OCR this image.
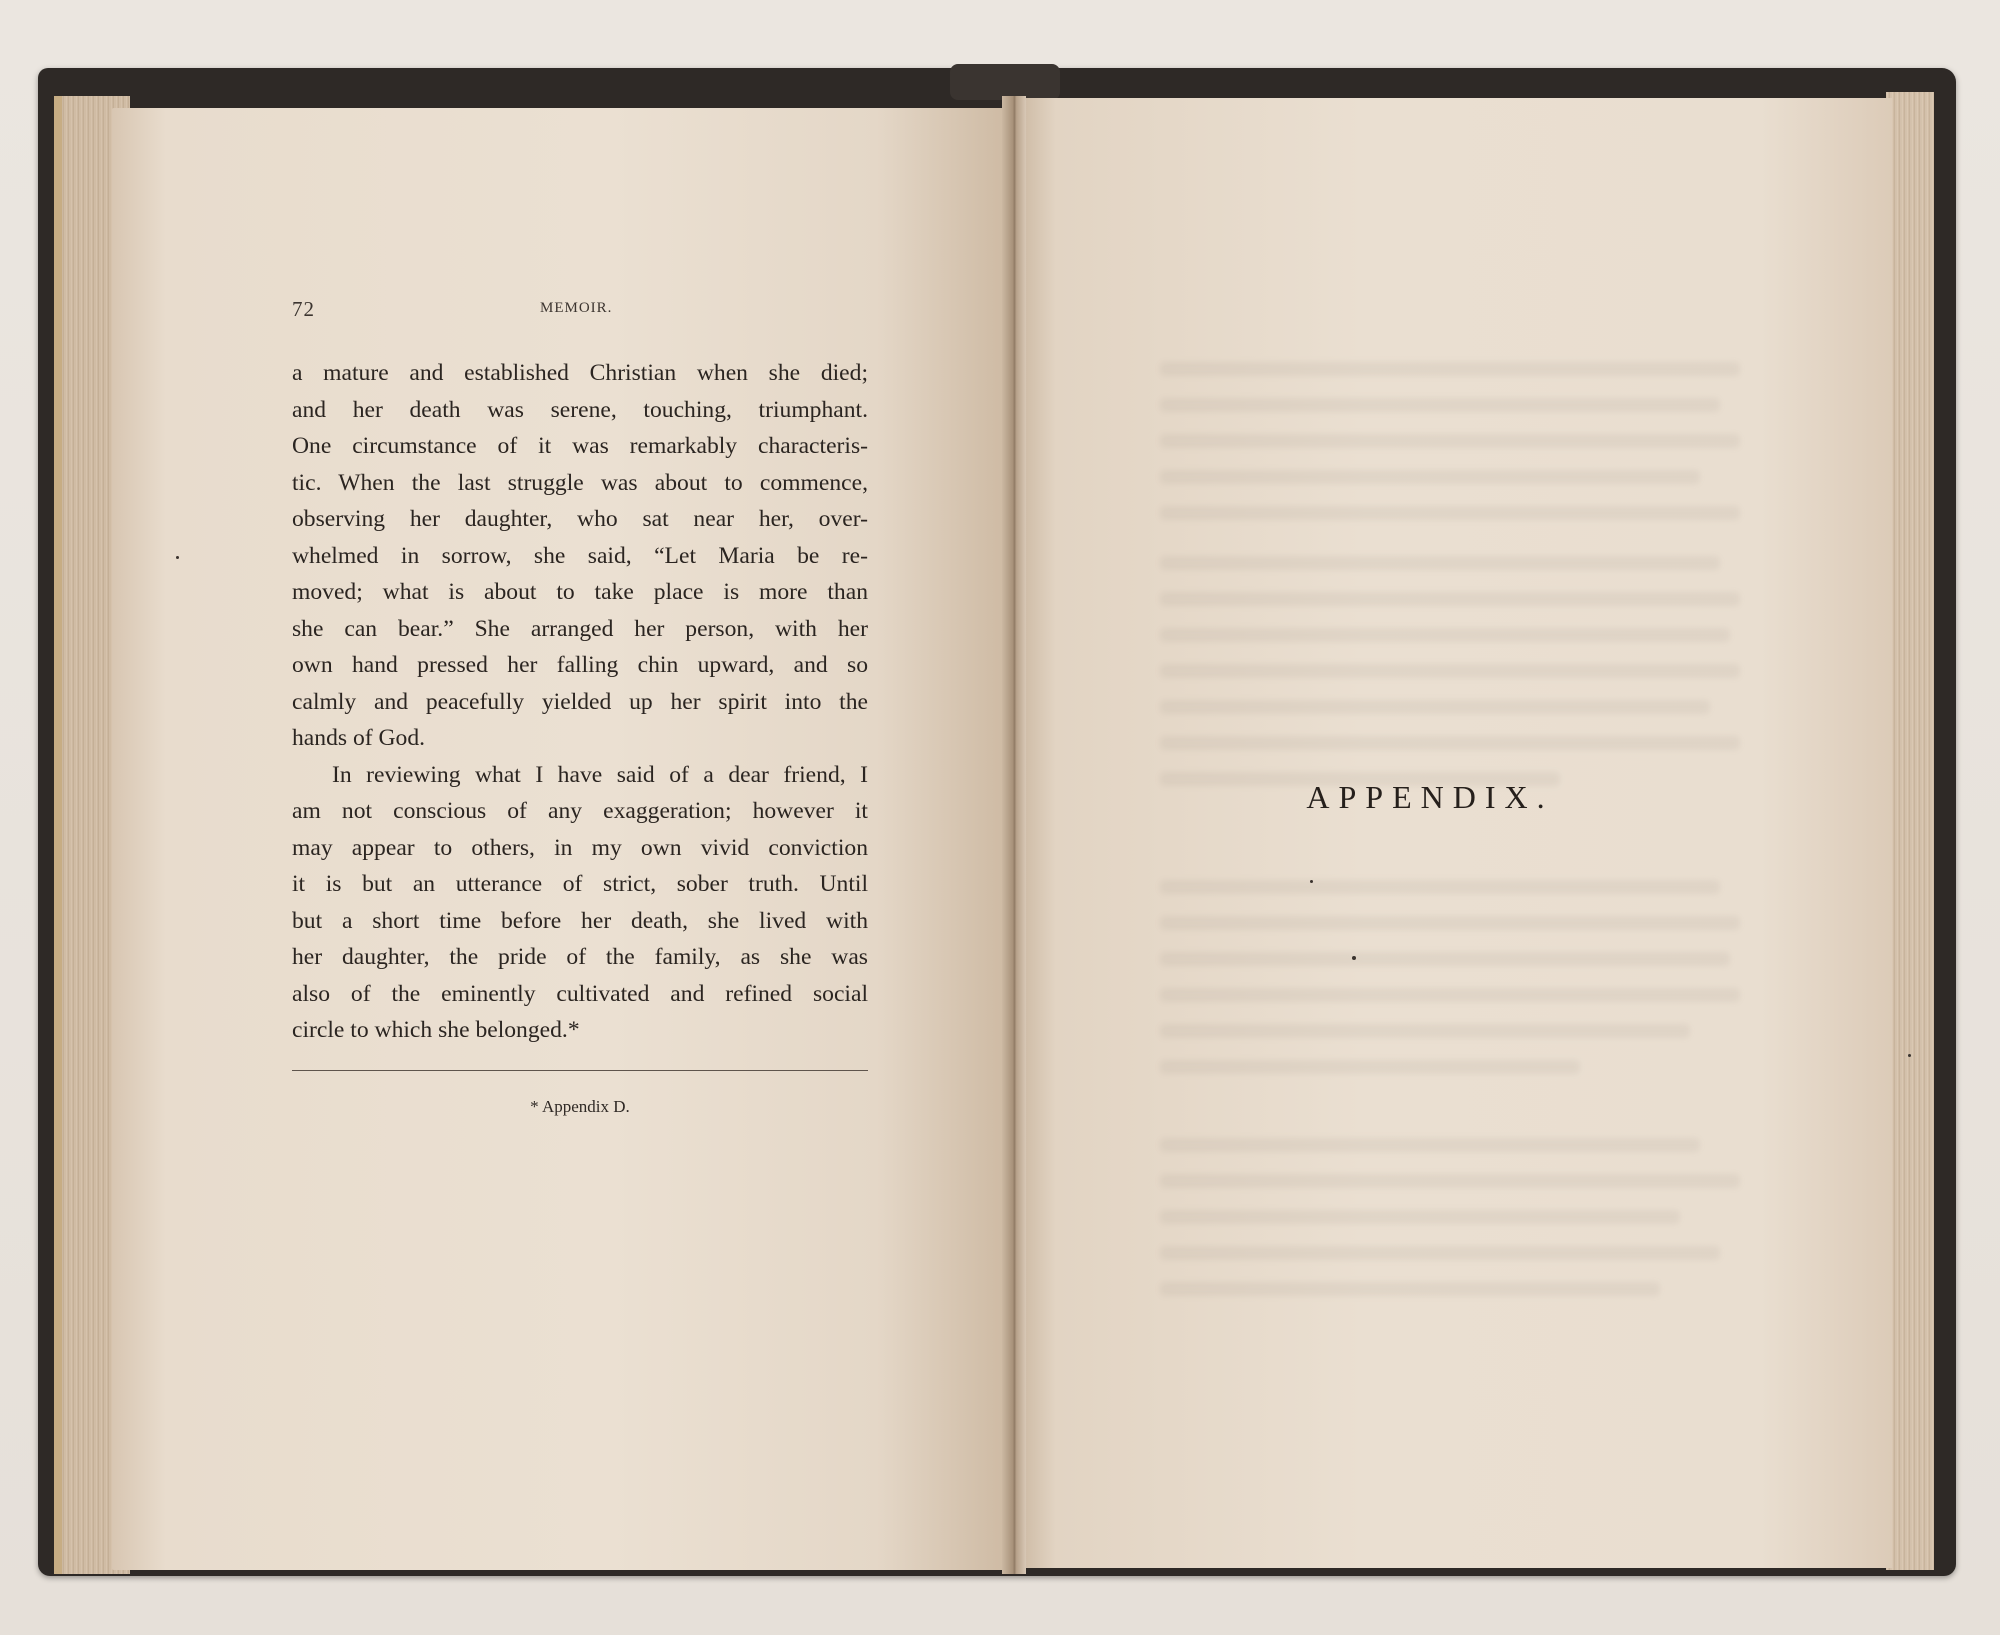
72	MEMOIR.
a mature and established Christian when she died;
and her death was serene, touching, triumphant.
One circumstance of it was remarkably characteris-
tic. When the last struggle was about to commence,
observing her daughter, who sat near her, over-
whelmed in sorrow, she said, “Let Maria be re-
moved; what is about to take place is more than
she can bear.” She arranged her person, with her
own hand pressed her falling chin upward, and so
calmly and peacefully yielded up her spirit into the
hands of God.
In reviewing what I have said of a dear friend, I
am not conscious of any exaggeration; however it
may appear to others, in my own vivid conviction
it is but an utterance of strict, sober truth. Until
but a short time before her death, she lived with
her daughter, the pride of the family, as she was
also of the eminently cultivated and refined social
circle to which she belonged.*
* Appendix D.
APPENDIX.
